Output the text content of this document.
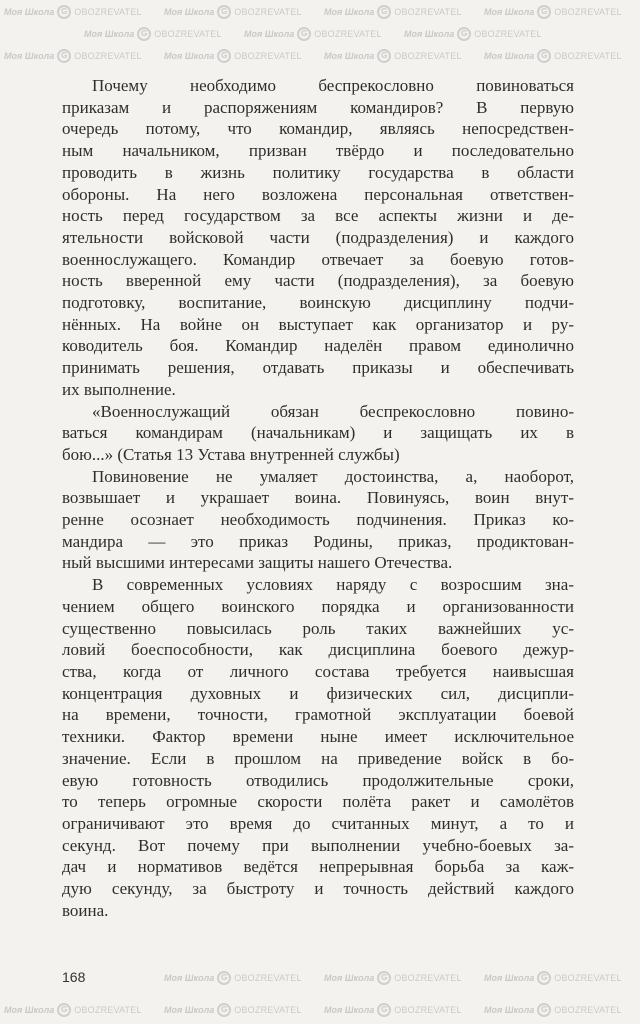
Моя Школа G OBOZREVATEL Моя Школа G OBOZREVATEL Моя Школа G OBOZREVATEL Моя Школа G OBOZREVATEL
Моя Школа G OBOZREVATEL Моя Школа G OBOZREVATEL Моя Школа G OBOZREVATEL
Моя Школа G OBOZREVATEL Моя Школа G OBOZREVATEL Моя Школа G OBOZREVATEL Моя Школа G OBOZREVATEL
Моя Школа G OBOZREVATEL Моя Школа G OBOZREVATEL Моя Школа G OBOZREVATEL
Моя Школа G OBOZREVATEL Моя Школа G OBOZREVATEL Моя Школа G OBOZREVATEL Моя Школа G OBOZREVATEL
Почему необходимо беспрекословно повиноваться
приказам и распоряжениям командиров? В первую
очередь потому, что командир, являясь непосредствен-
ным начальником, призван твёрдо и последовательно
проводить в жизнь политику государства в области
обороны. На него возложена персональная ответствен-
ность перед государством за все аспекты жизни и де-
ятельности войсковой части (подразделения) и каждого
военнослужащего. Командир отвечает за боевую готов-
ность вверенной ему части (подразделения), за боевую
подготовку, воспитание, воинскую дисциплину подчи-
нённых. На войне он выступает как организатор и ру-
ководитель боя. Командир наделён правом единолично
принимать решения, отдавать приказы и обеспечивать
их выполнение.
«Военнослужащий обязан беспрекословно повино-
ваться командирам (начальникам) и защищать их в
бою...» (Статья 13 Устава внутренней службы)
Повиновение не умаляет достоинства, а, наоборот,
возвышает и украшает воина. Повинуясь, воин внут-
ренне осознает необходимость подчинения. Приказ ко-
мандира — это приказ Родины, приказ, продиктован-
ный высшими интересами защиты нашего Отечества.
В современных условиях наряду с возросшим зна-
чением общего воинского порядка и организованности
существенно повысилась роль таких важнейших ус-
ловий боеспособности, как дисциплина боевого дежур-
ства, когда от личного состава требуется наивысшая
концентрация духовных и физических сил, дисципли-
на времени, точности, грамотной эксплуатации боевой
техники. Фактор времени ныне имеет исключительное
значение. Если в прошлом на приведение войск в бо-
евую готовность отводились продолжительные сроки,
то теперь огромные скорости полёта ракет и самолётов
ограничивают это время до считанных минут, а то и
секунд. Вот почему при выполнении учебно-боевых за-
дач и нормативов ведётся непрерывная борьба за каж-
дую секунду, за быстроту и точность действий каждого
воина.
168
